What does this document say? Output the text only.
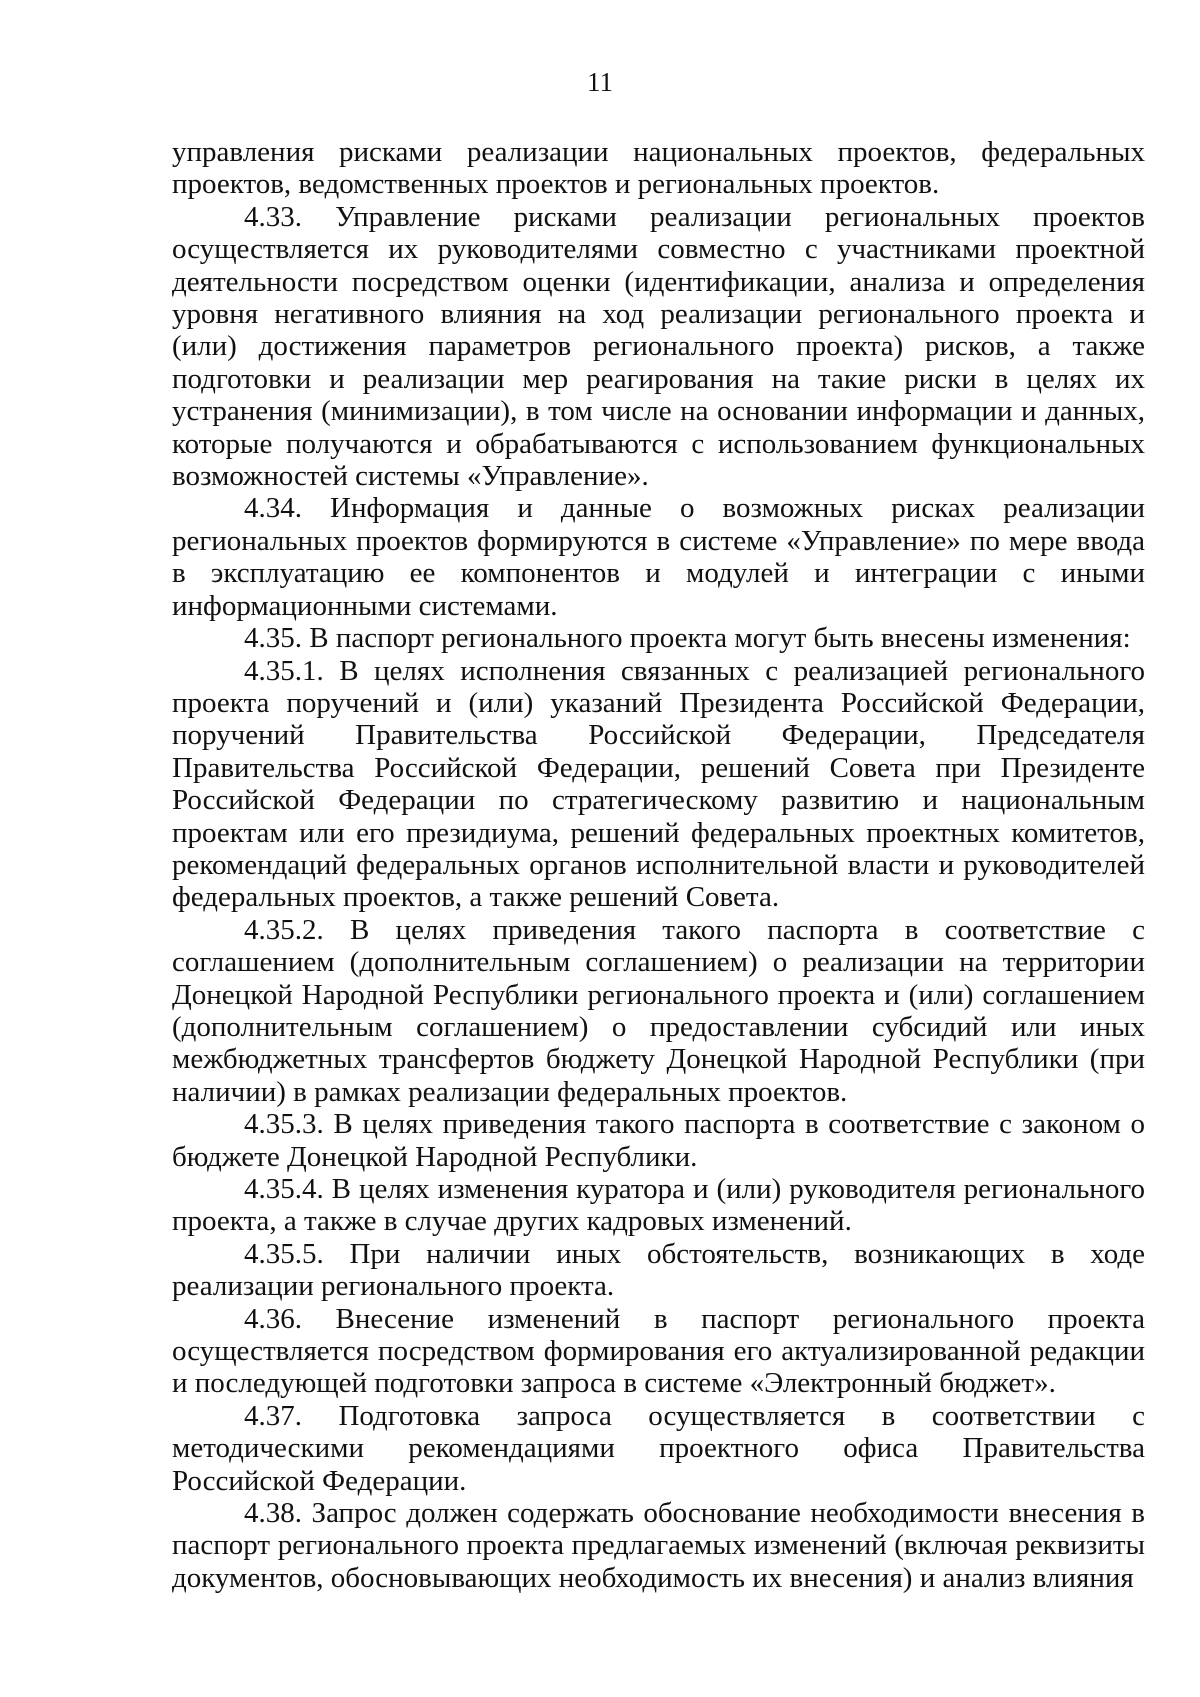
11

управления рисками реализации национальных проектов, федеральных проектов, ведомственных проектов и региональных проектов.

4.33. Управление рисками реализации региональных проектов осуществляется их руководителями совместно с участниками проектной деятельности посредством оценки (идентификации, анализа и определения уровня негативного влияния на ход реализации регионального проекта и (или) достижения параметров регионального проекта) рисков, а также подготовки и реализации мер реагирования на такие риски в целях их устранения (минимизации), в том числе на основании информации и данных, которые получаются и обрабатываются с использованием функциональных возможностей системы «Управление».

4.34. Информация и данные о возможных рисках реализации региональных проектов формируются в системе «Управление» по мере ввода в эксплуатацию ее компонентов и модулей и интеграции с иными информационными системами.

4.35. В паспорт регионального проекта могут быть внесены изменения:

4.35.1. В целях исполнения связанных с реализацией регионального проекта поручений и (или) указаний Президента Российской Федерации, поручений Правительства Российской Федерации, Председателя Правительства Российской Федерации, решений Совета при Президенте Российской Федерации по стратегическому развитию и национальным проектам или его президиума, решений федеральных проектных комитетов, рекомендаций федеральных органов исполнительной власти и руководителей федеральных проектов, а также решений Совета.

4.35.2. В целях приведения такого паспорта в соответствие с соглашением (дополнительным соглашением) о реализации на территории Донецкой Народной Республики регионального проекта и (или) соглашением (дополнительным соглашением) о предоставлении субсидий или иных межбюджетных трансфертов бюджету Донецкой Народной Республики (при наличии) в рамках реализации федеральных проектов.

4.35.3. В целях приведения такого паспорта в соответствие с законом о бюджете Донецкой Народной Республики.

4.35.4. В целях изменения куратора и (или) руководителя регионального проекта, а также в случае других кадровых изменений.

4.35.5. При наличии иных обстоятельств, возникающих в ходе реализации регионального проекта.

4.36. Внесение изменений в паспорт регионального проекта осуществляется посредством формирования его актуализированной редакции и последующей подготовки запроса в системе «Электронный бюджет».

4.37. Подготовка запроса осуществляется в соответствии с методическими рекомендациями проектного офиса Правительства Российской Федерации.

4.38. Запрос должен содержать обоснование необходимости внесения в паспорт регионального проекта предлагаемых изменений (включая реквизиты документов, обосновывающих необходимость их внесения) и анализ влияния
